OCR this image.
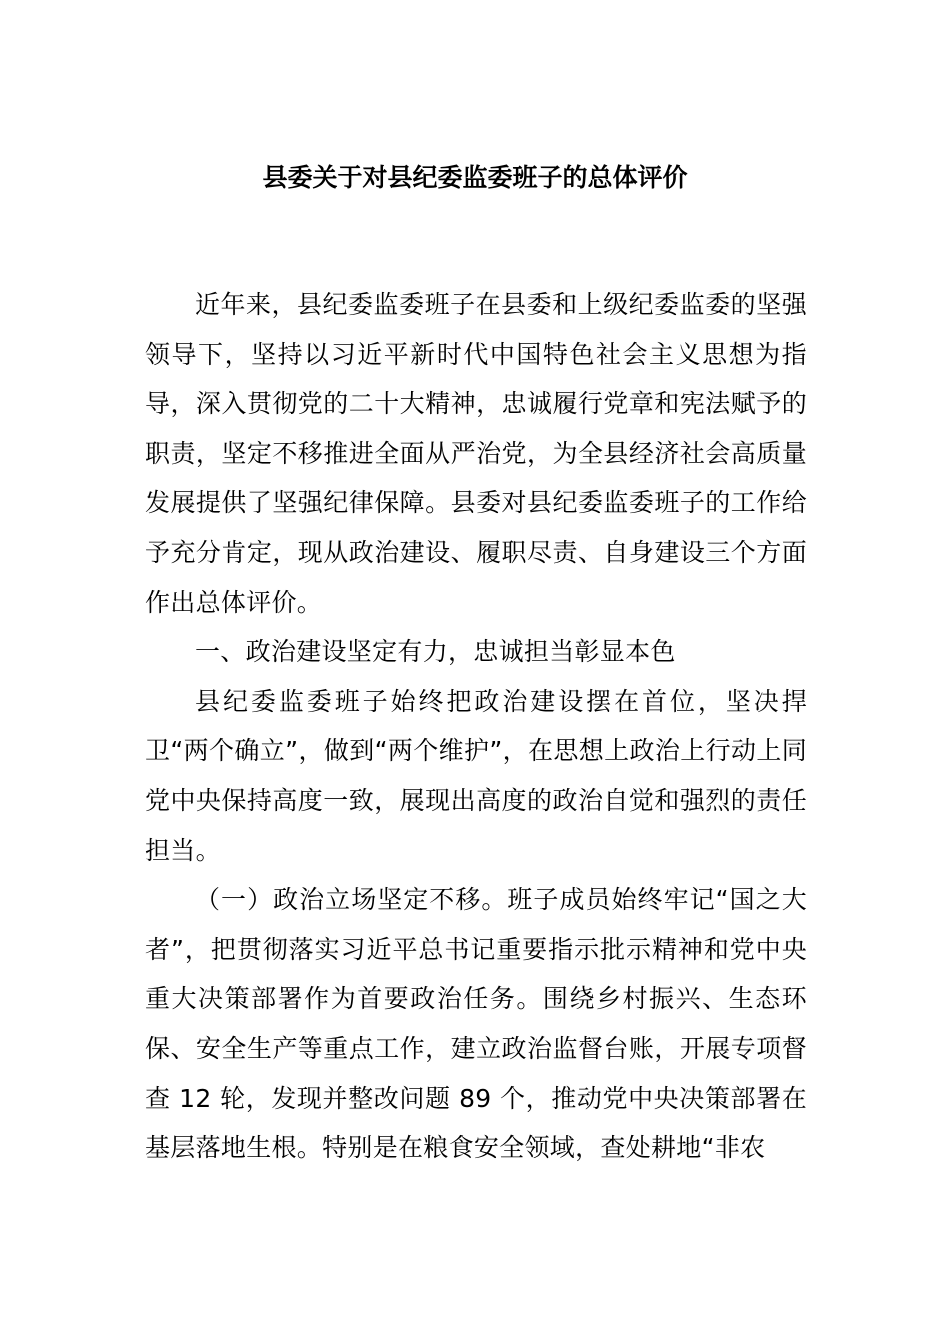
县委关于对县纪委监委班子的总体评价

近年来，县纪委监委班子在县委和上级纪委监委的坚强领导下，坚持以习近平新时代中国特色社会主义思想为指导，深入贯彻党的二十大精神，忠诚履行党章和宪法赋予的职责，坚定不移推进全面从严治党，为全县经济社会高质量发展提供了坚强纪律保障。县委对县纪委监委班子的工作给予充分肯定，现从政治建设、履职尽责、自身建设三个方面作出总体评价。

一、政治建设坚定有力，忠诚担当彰显本色

县纪委监委班子始终把政治建设摆在首位，坚决捍卫“两个确立”，做到“两个维护”，在思想上政治上行动上同党中央保持高度一致，展现出高度的政治自觉和强烈的责任担当。

（一）政治立场坚定不移。班子成员始终牢记“国之大者”，把贯彻落实习近平总书记重要指示批示精神和党中央重大决策部署作为首要政治任务。围绕乡村振兴、生态环保、安全生产等重点工作，建立政治监督台账，开展专项督查 12 轮，发现并整改问题 89 个，推动党中央决策部署在基层落地生根。特别是在粮食安全领域，查处耕地“非农
